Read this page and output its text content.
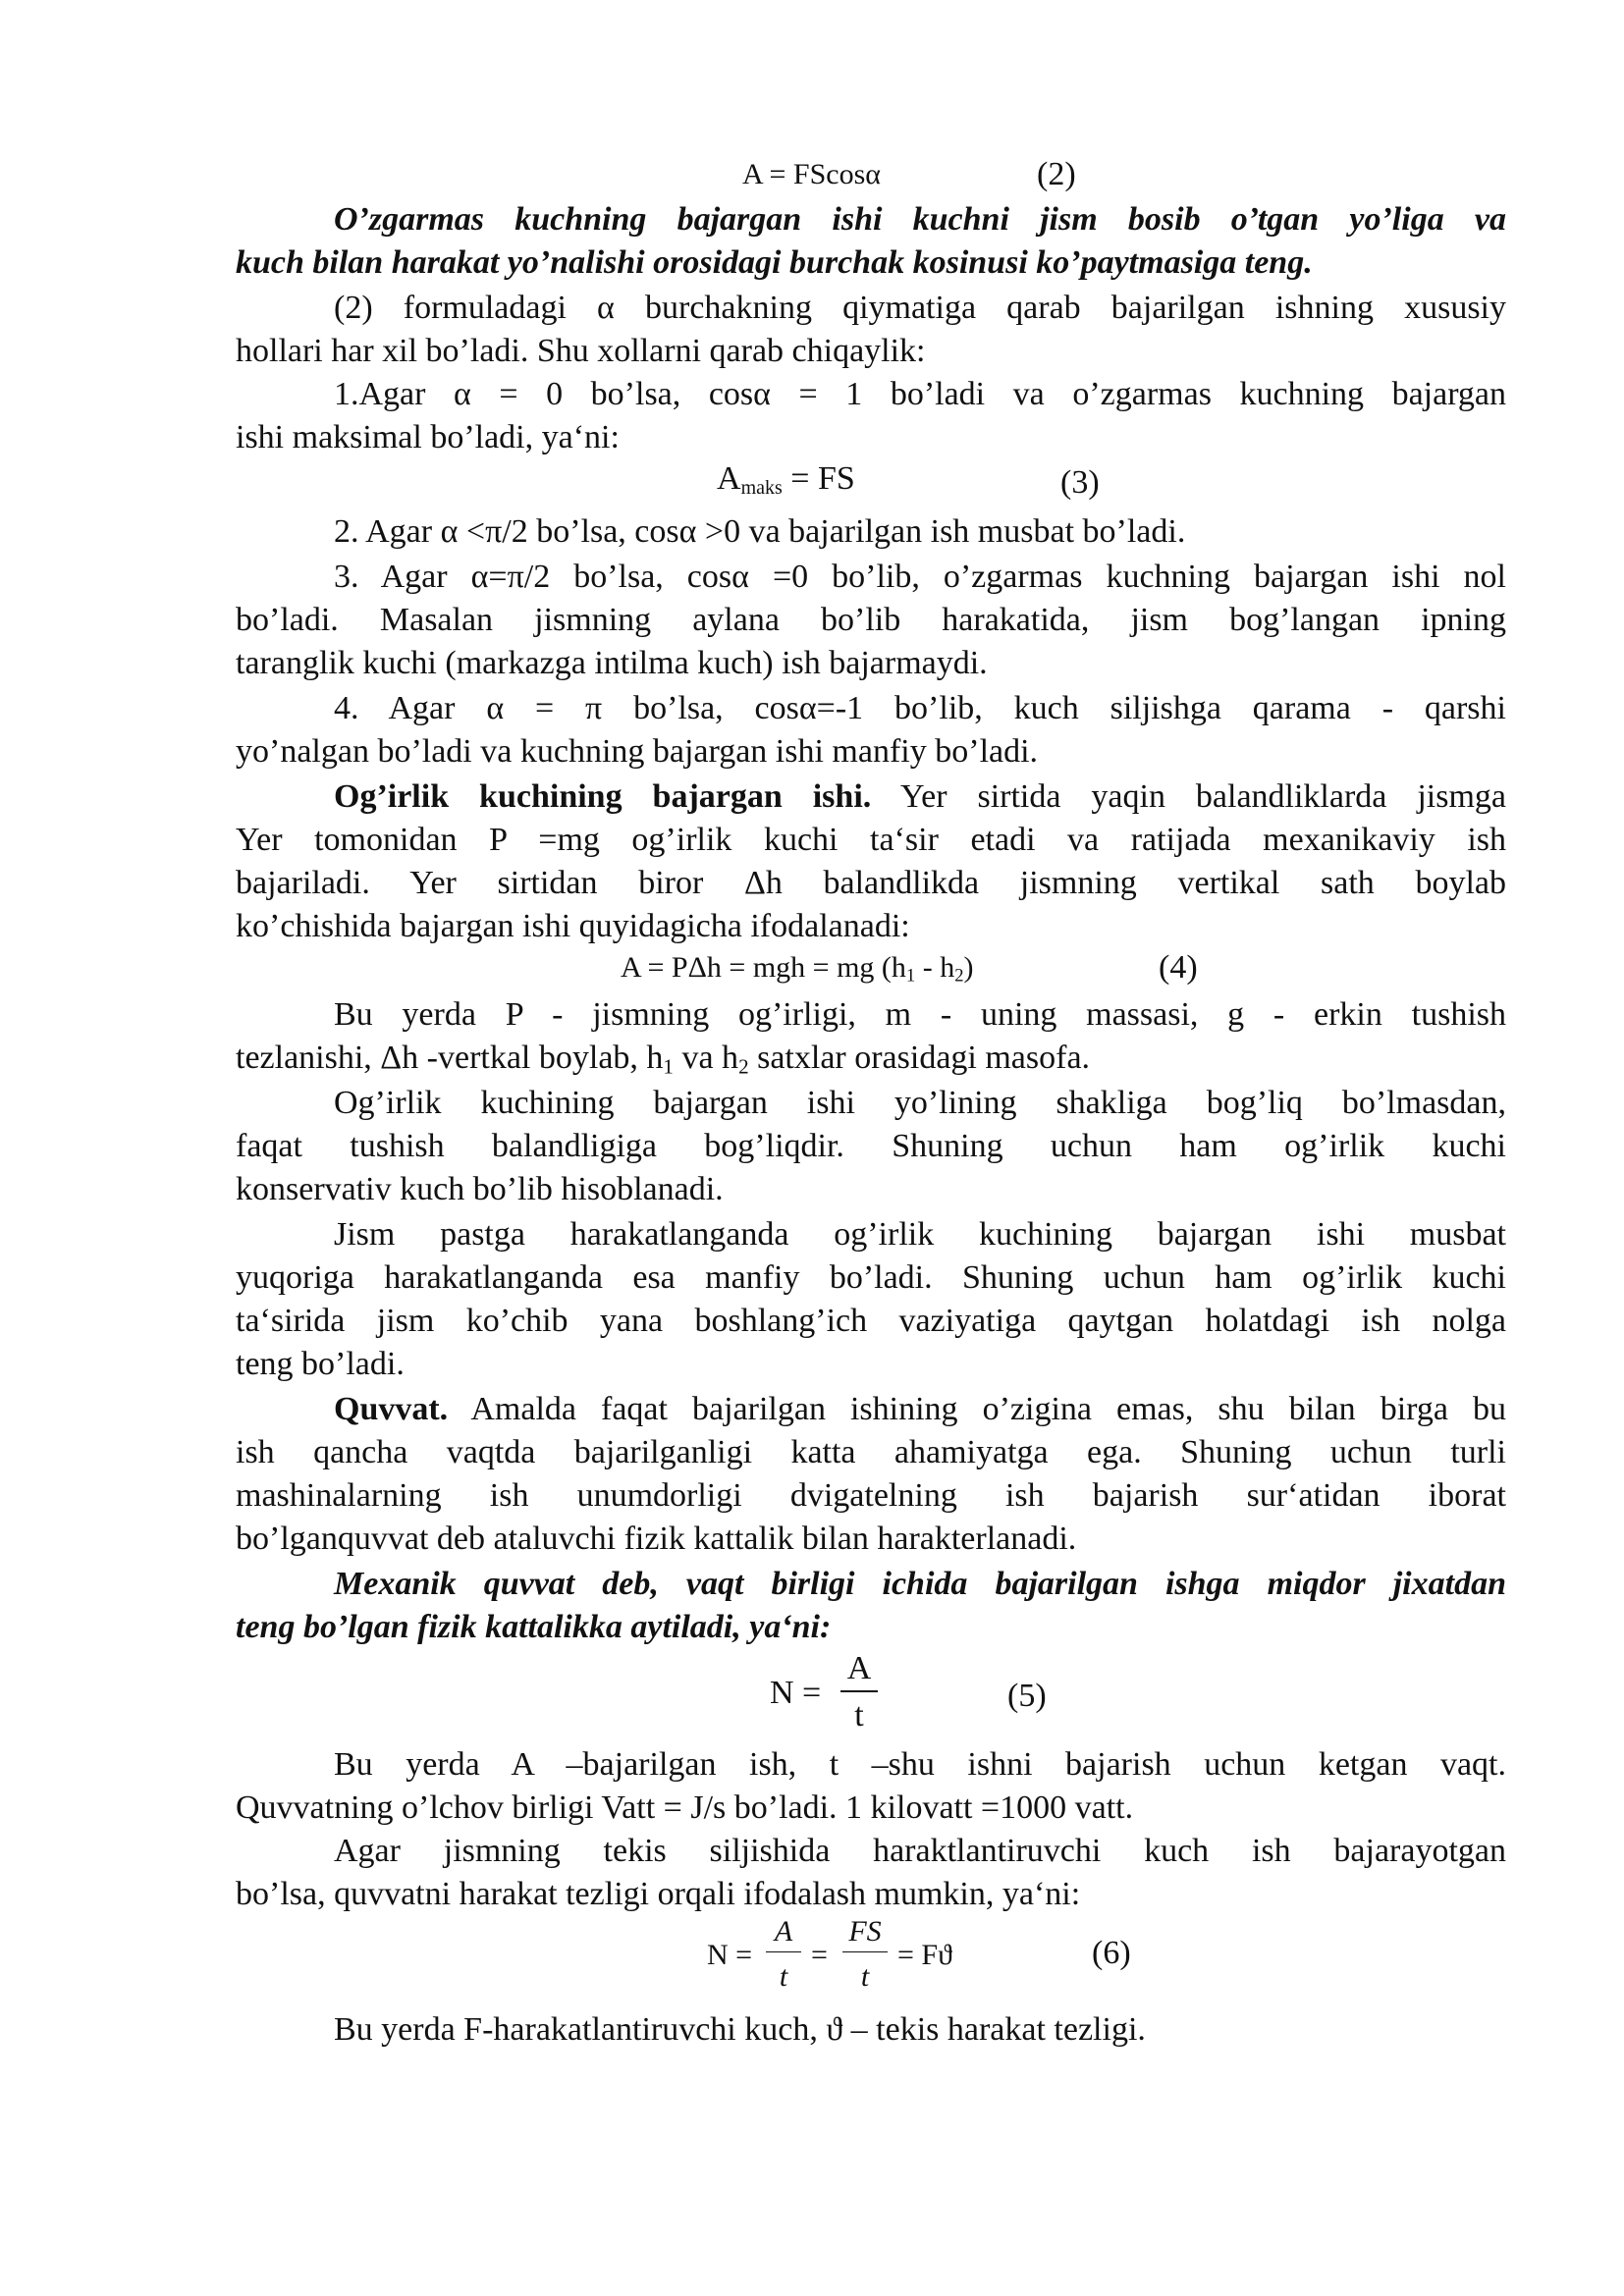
A = FScosα	(2)
O’zgarmas kuchning bajargan ishi kuchni jism bosib o’tgan yo’liga va
kuch bilan harakat yo’nalishi orosidagi burchak kosinusi ko’paytmasiga teng.
(2) formuladagi α burchakning qiymatiga qarab bajarilgan ishning xususiy
hollari har xil bo’ladi. Shu xollarni qarab chiqaylik:
1.Agar α = 0 bo’lsa, cosα = 1 bo’ladi va o’zgarmas kuchning bajargan
ishi maksimal bo’ladi, ya‘ni:
$A_{maks}$ = FS	(3)
2. Agar α <π/2 bo’lsa, cosα >0 va bajarilgan ish musbat bo’ladi.
3. Agar α=π/2 bo’lsa, cosα =0 bo’lib, o’zgarmas kuchning bajargan ishi nol
bo’ladi. Masalan jismning aylana bo’lib harakatida, jism bog’langan ipning
taranglik kuchi (markazga intilma kuch) ish bajarmaydi.
4. Agar α = π bo’lsa, cosα=-1 bo’lib, kuch siljishga qarama - qarshi
yo’nalgan bo’ladi va kuchning bajargan ishi manfiy bo’ladi.
Og’irlik kuchining bajargan ishi. Yer sirtida yaqin balandliklarda jismga
Yer tomonidan P =mg og’irlik kuchi ta‘sir etadi va ratijada mexanikaviy ish
bajariladi. Yer sirtidan biror Δh balandlikda jismning vertikal sath boylab
ko’chishida bajargan ishi quyidagicha ifodalanadi:
A = PΔh = mgh = mg $(h_1 - h_2)$	(4)
Bu yerda P - jismning og’irligi, m - uning massasi, g - erkin tushish
tezlanishi, Δh -vertkal boylab, $h_1$ va $h_2$ satxlar orasidagi masofa.
Og’irlik kuchining bajargan ishi yo’lining shakliga bog’liq bo’lmasdan,
faqat tushish balandligiga bog’liqdir. Shuning uchun ham og’irlik kuchi
konservativ kuch bo’lib hisoblanadi.
Jism pastga harakatlanganda og’irlik kuchining bajargan ishi musbat
yuqoriga harakatlanganda esa manfiy bo’ladi. Shuning uchun ham og’irlik kuchi
ta‘sirida jism ko’chib yana boshlang’ich vaziyatiga qaytgan holatdagi ish nolga
teng bo’ladi.
Quvvat. Amalda faqat bajarilgan ishining o’zigina emas, shu bilan birga bu
ish qancha vaqtda bajarilganligi katta ahamiyatga ega. Shuning uchun turli
mashinalarning ish unumdorligi dvigatelning ish bajarish sur‘atidan iborat
bo’lganquvvat deb ataluvchi fizik kattalik bilan harakterlanadi.
Mexanik quvvat deb, vaqt birligi ichida bajarilgan ishga miqdor jixatdan
teng bo’lgan fizik kattalikka aytiladi, ya‘ni:
N =
A
t
(5)
Bu yerda A –bajarilgan ish, t –shu ishni bajarish uchun ketgan vaqt.
Quvvatning o’lchov birligi Vatt = J/s bo’ladi. 1 kilovatt =1000 vatt.
Agar jismning tekis siljishida haraktlantiruvchi kuch ish bajarayotgan
bo’lsa, quvvatni harakat tezligi orqali ifodalash mumkin, ya‘ni:
N =
A
t
=
FS
t
= Fϑ	(6)
Bu yerda F-harakatlantiruvchi kuch, ϑ – tekis harakat tezligi.
